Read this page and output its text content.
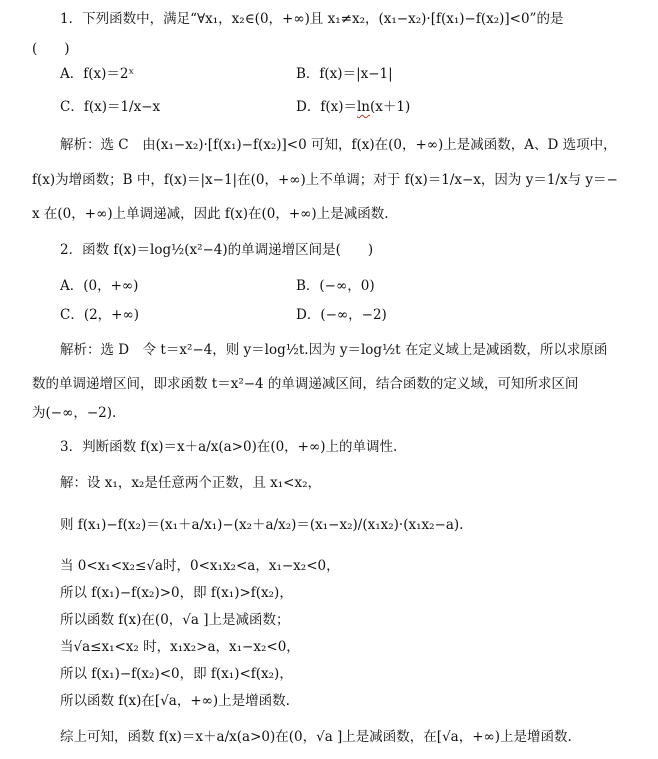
1．下列函数中，满足“∀x₁，x₂∈(0，+∞)且 x₁≠x₂，(x₁−x₂)·[f(x₁)−f(x₂)]<0”的是
(　　)
A．f(x)＝2ˣ	B．f(x)＝|x−1|
C．f(x)＝1/x−x	D．f(x)＝ln(x＋1)
解析：选 C　由(x₁−x₂)·[f(x₁)−f(x₂)]<0 可知，f(x)在(0，+∞)上是减函数，A、D 选项中，
f(x)为增函数；B 中，f(x)＝|x−1|在(0，+∞)上不单调；对于 f(x)＝1/x−x，因为 y＝1/x与 y＝−
x 在(0，+∞)上单调递减，因此 f(x)在(0，+∞)上是减函数.
2．函数 f(x)＝log½(x²−4)的单调递增区间是(　　)
A．(0，+∞)	B．(−∞，0)
C．(2，+∞)	D．(−∞，−2)
解析：选 D　令 t＝x²−4，则 y＝log½t.因为 y＝log½t 在定义域上是减函数，所以求原函
数的单调递增区间，即求函数 t＝x²−4 的单调递减区间，结合函数的定义域，可知所求区间
为(−∞，−2).
3．判断函数 f(x)＝x＋a/x(a>0)在(0，+∞)上的单调性.
解：设 x₁，x₂是任意两个正数，且 x₁<x₂，
则 f(x₁)−f(x₂)＝(x₁＋a/x₁)−(x₂＋a/x₂)＝(x₁−x₂)/(x₁x₂)·(x₁x₂−a).
当 0<x₁<x₂≤√a时，0<x₁x₂<a，x₁−x₂<0，
所以 f(x₁)−f(x₂)>0，即 f(x₁)>f(x₂)，
所以函数 f(x)在(0，√a ]上是减函数；
当√a≤x₁<x₂ 时，x₁x₂>a，x₁−x₂<0，
所以 f(x₁)−f(x₂)<0，即 f(x₁)<f(x₂)，
所以函数 f(x)在[√a，+∞)上是增函数.
综上可知，函数 f(x)＝x＋a/x(a>0)在(0，√a ]上是减函数，在[√a，+∞)上是增函数.
